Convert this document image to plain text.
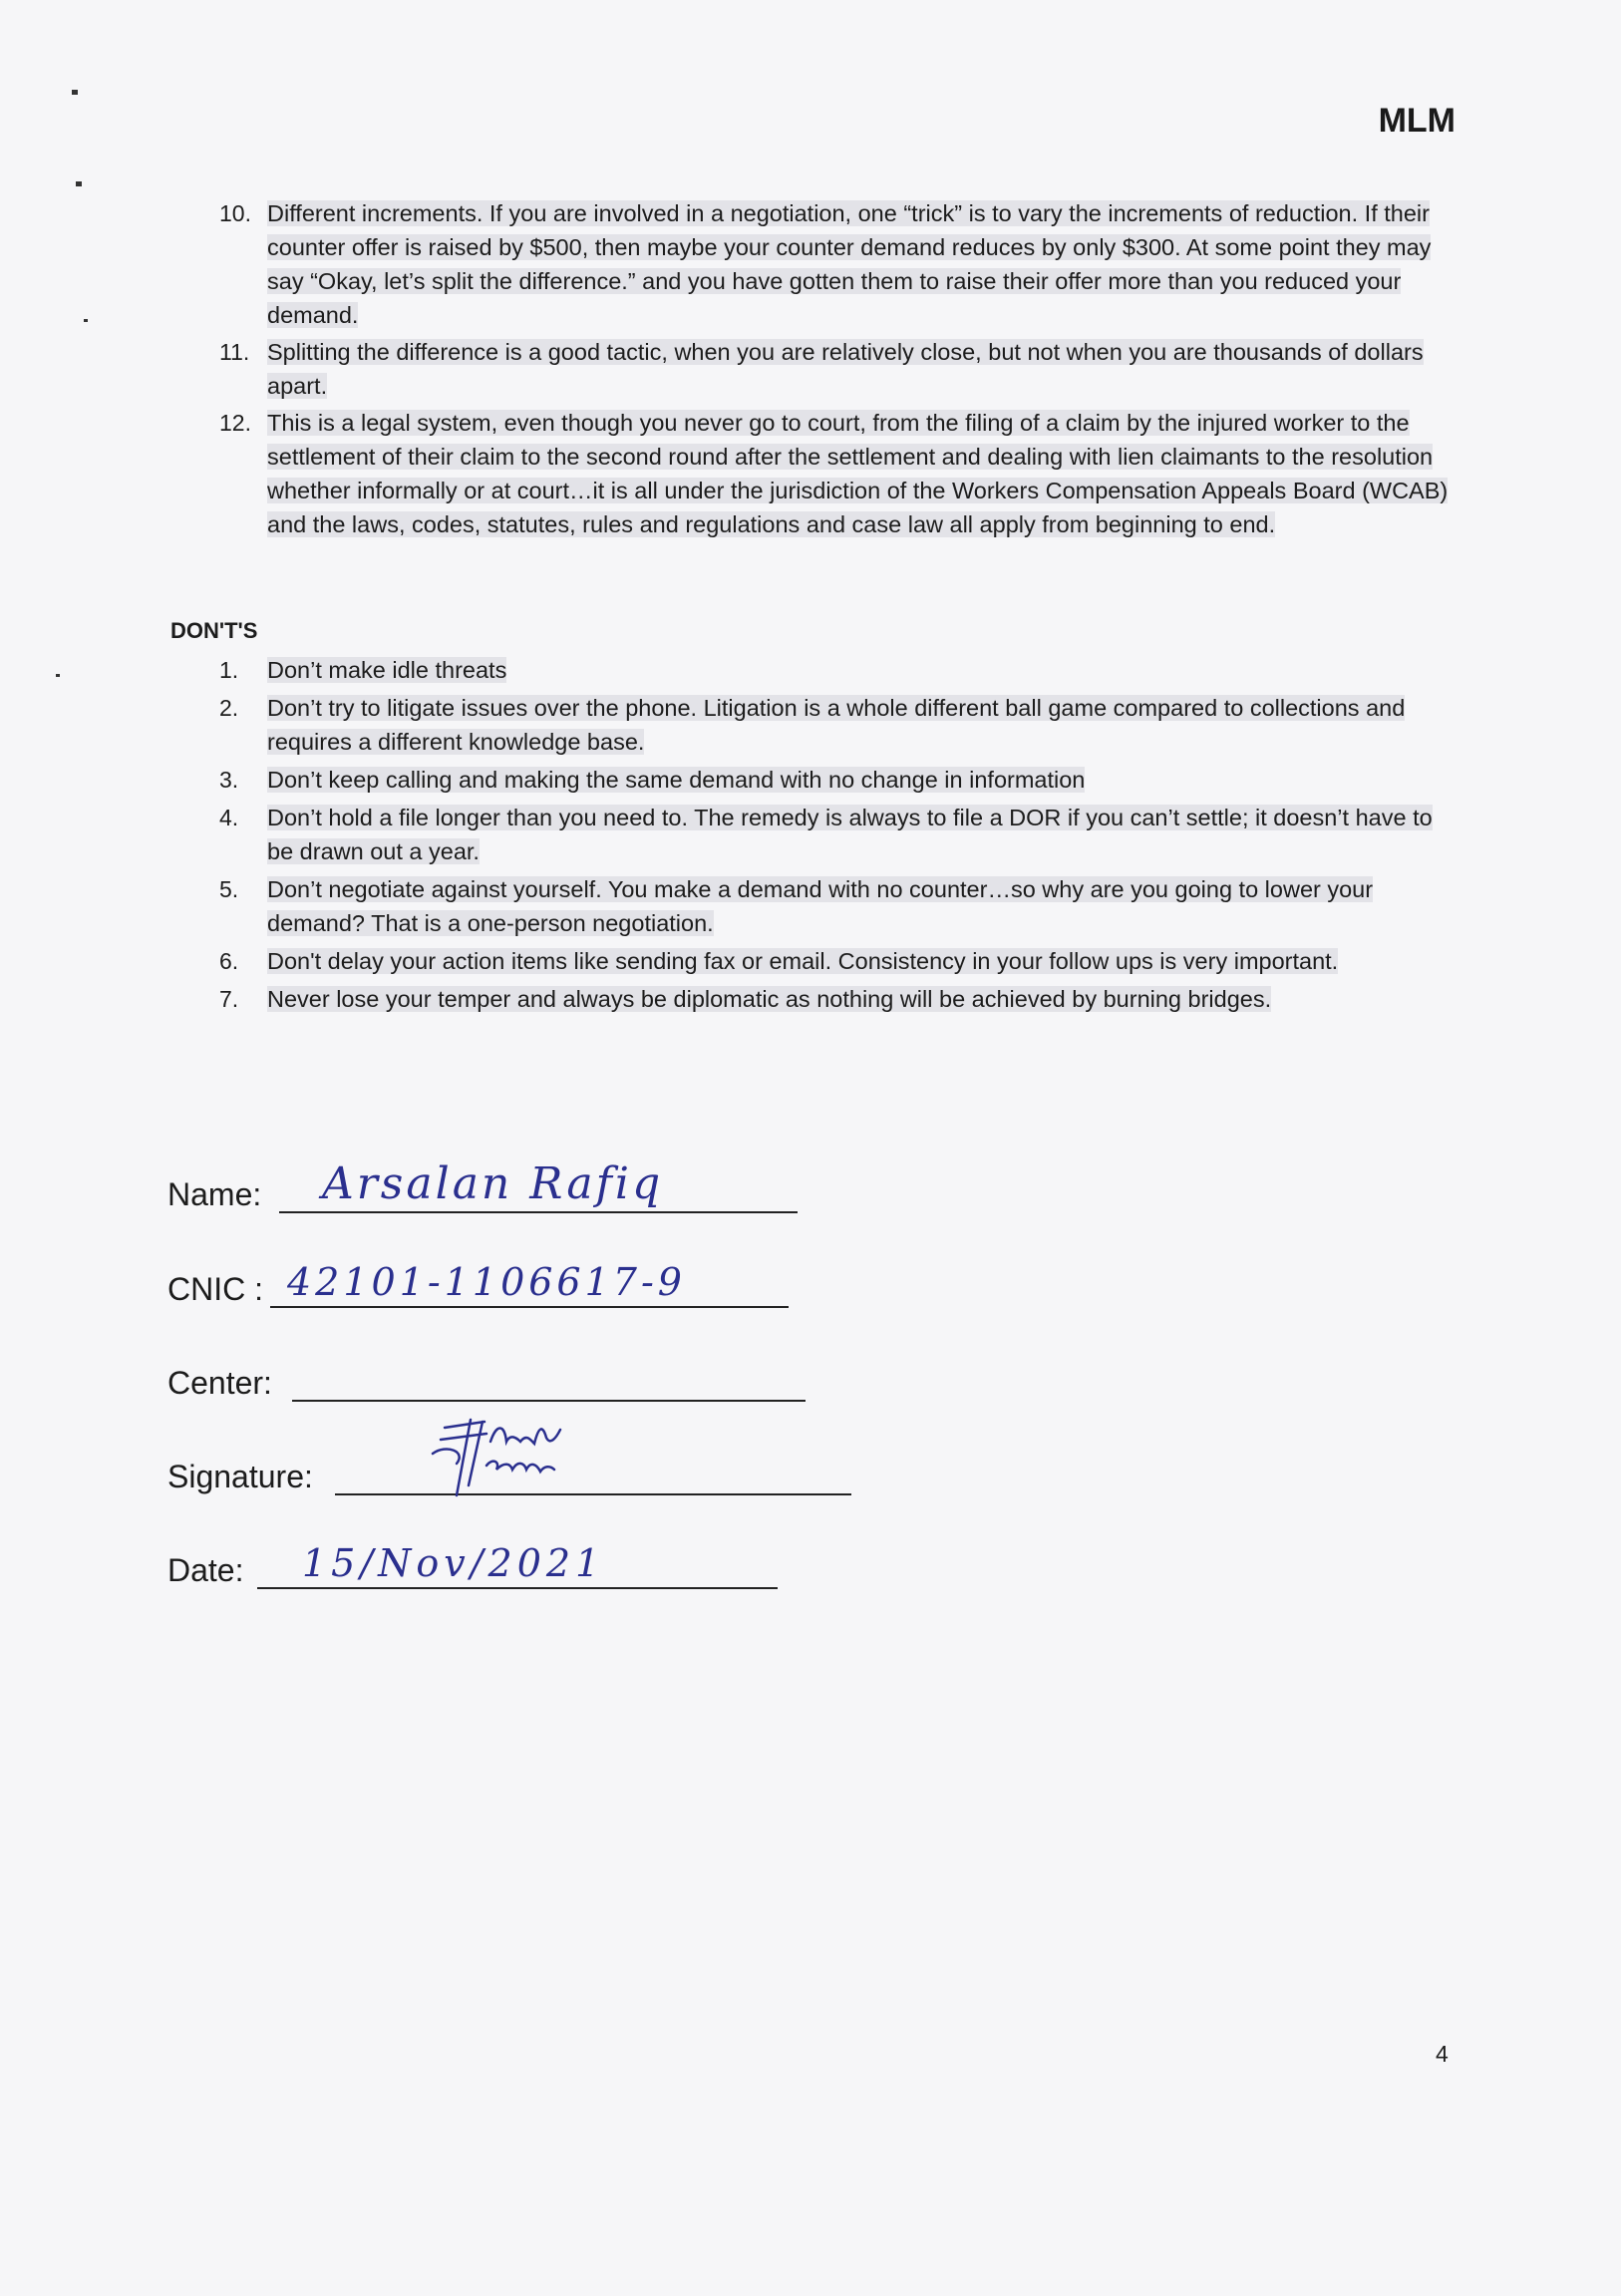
MLM
10. Different increments. If you are involved in a negotiation, one “trick” is to vary the increments of reduction. If their counter offer is raised by $500, then maybe your counter demand reduces by only $300. At some point they may say “Okay, let’s split the difference.” and you have gotten them to raise their offer more than you reduced your demand.
11. Splitting the difference is a good tactic, when you are relatively close, but not when you are thousands of dollars apart.
12. This is a legal system, even though you never go to court, from the filing of a claim by the injured worker to the settlement of their claim to the second round after the settlement and dealing with lien claimants to the resolution whether informally or at court…it is all under the jurisdiction of the Workers Compensation Appeals Board (WCAB) and the laws, codes, statutes, rules and regulations and case law all apply from beginning to end.
DON'T'S
1.	Don’t make idle threats
2.	Don’t try to litigate issues over the phone. Litigation is a whole different ball game compared to collections and requires a different knowledge base.
3.	Don’t keep calling and making the same demand with no change in information
4.	Don’t hold a file longer than you need to. The remedy is always to file a DOR if you can’t settle; it doesn’t have to be drawn out a year.
5.	Don’t negotiate against yourself. You make a demand with no counter…so why are you going to lower your demand? That is a one-person negotiation.
6.	Don't delay your action items like sending fax or email. Consistency in your follow ups is very important.
7.	Never lose your temper and always be diplomatic as nothing will be achieved by burning bridges.
Name: Arsalan Rafiq
CNIC : 42101-1106617-9
Center:
Signature:
Date: 15/Nov/2021
4
